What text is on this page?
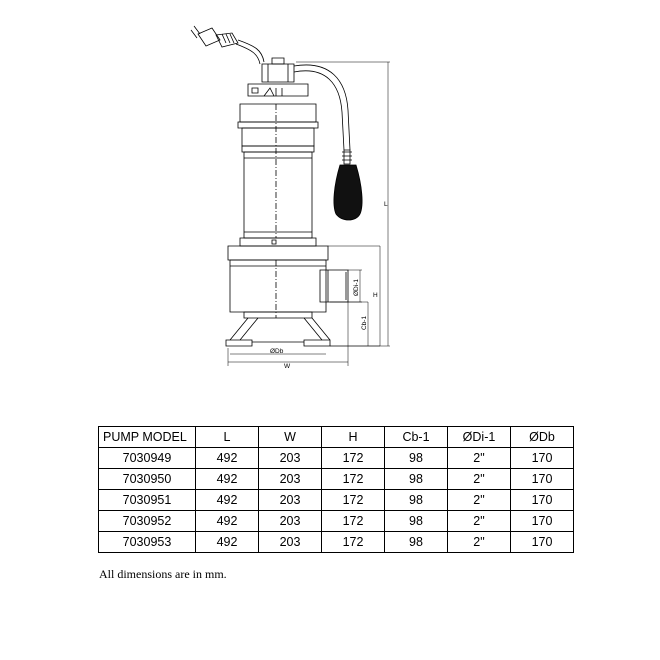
L
H
ØDi-1
Cb-1
ØDb
W
PUMP MODEL	L	W	H	Cb-1	ØDi-1	ØDb
7030949	492	203	172	98	2"	170
7030950	492	203	172	98	2"	170
7030951	492	203	172	98	2"	170
7030952	492	203	172	98	2"	170
7030953	492	203	172	98	2"	170
All dimensions are in mm.
